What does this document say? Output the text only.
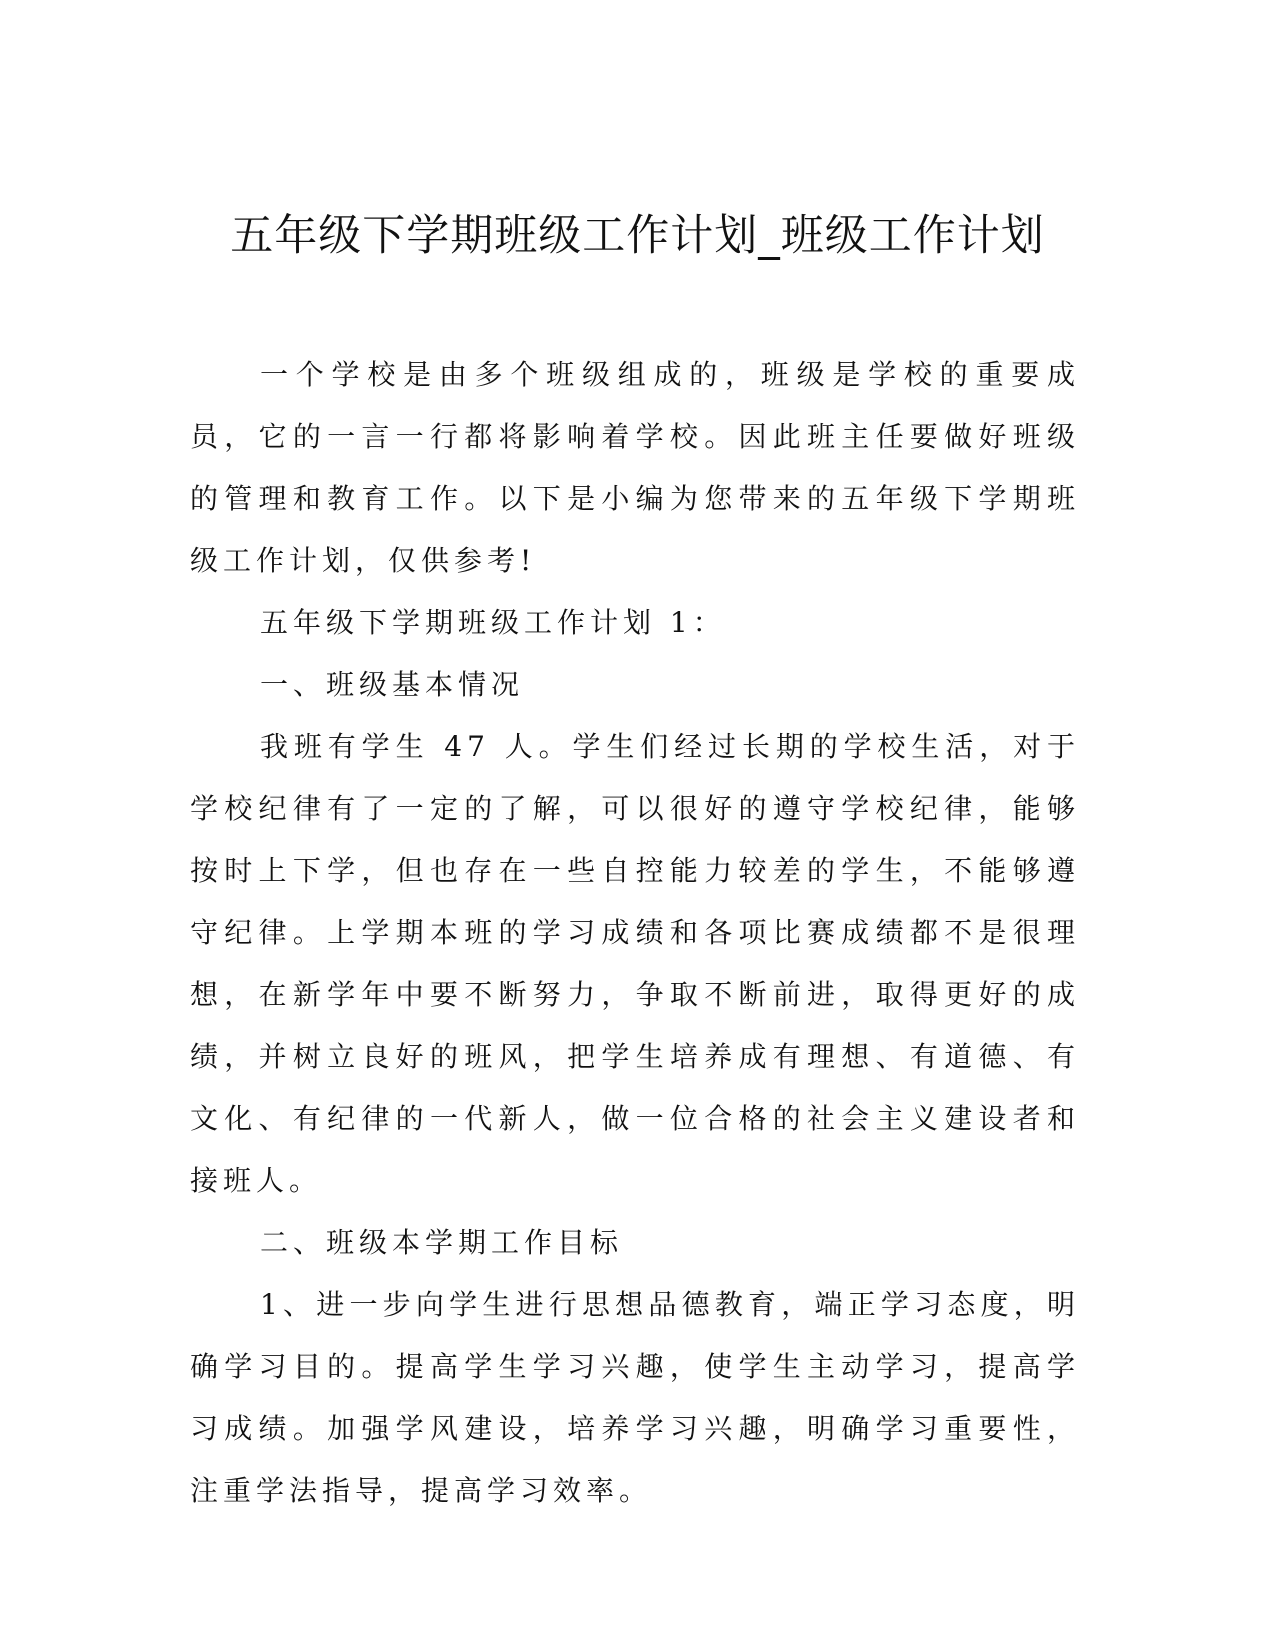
五年级下学期班级工作计划_班级工作计划

一个学校是由多个班级组成的，班级是学校的重要成员，它的一言一行都将影响着学校。因此班主任要做好班级的管理和教育工作。以下是小编为您带来的五年级下学期班级工作计划，仅供参考!

五年级下学期班级工作计划 1：

一、班级基本情况

我班有学生 47 人。学生们经过长期的学校生活，对于学校纪律有了一定的了解，可以很好的遵守学校纪律，能够按时上下学，但也存在一些自控能力较差的学生，不能够遵守纪律。上学期本班的学习成绩和各项比赛成绩都不是很理想，在新学年中要不断努力，争取不断前进，取得更好的成绩，并树立良好的班风，把学生培养成有理想、有道德、有文化、有纪律的一代新人，做一位合格的社会主义建设者和接班人。

二、班级本学期工作目标

1、进一步向学生进行思想品德教育，端正学习态度，明确学习目的。提高学生学习兴趣，使学生主动学习，提高学习成绩。加强学风建设，培养学习兴趣，明确学习重要性，注重学法指导，提高学习效率。
